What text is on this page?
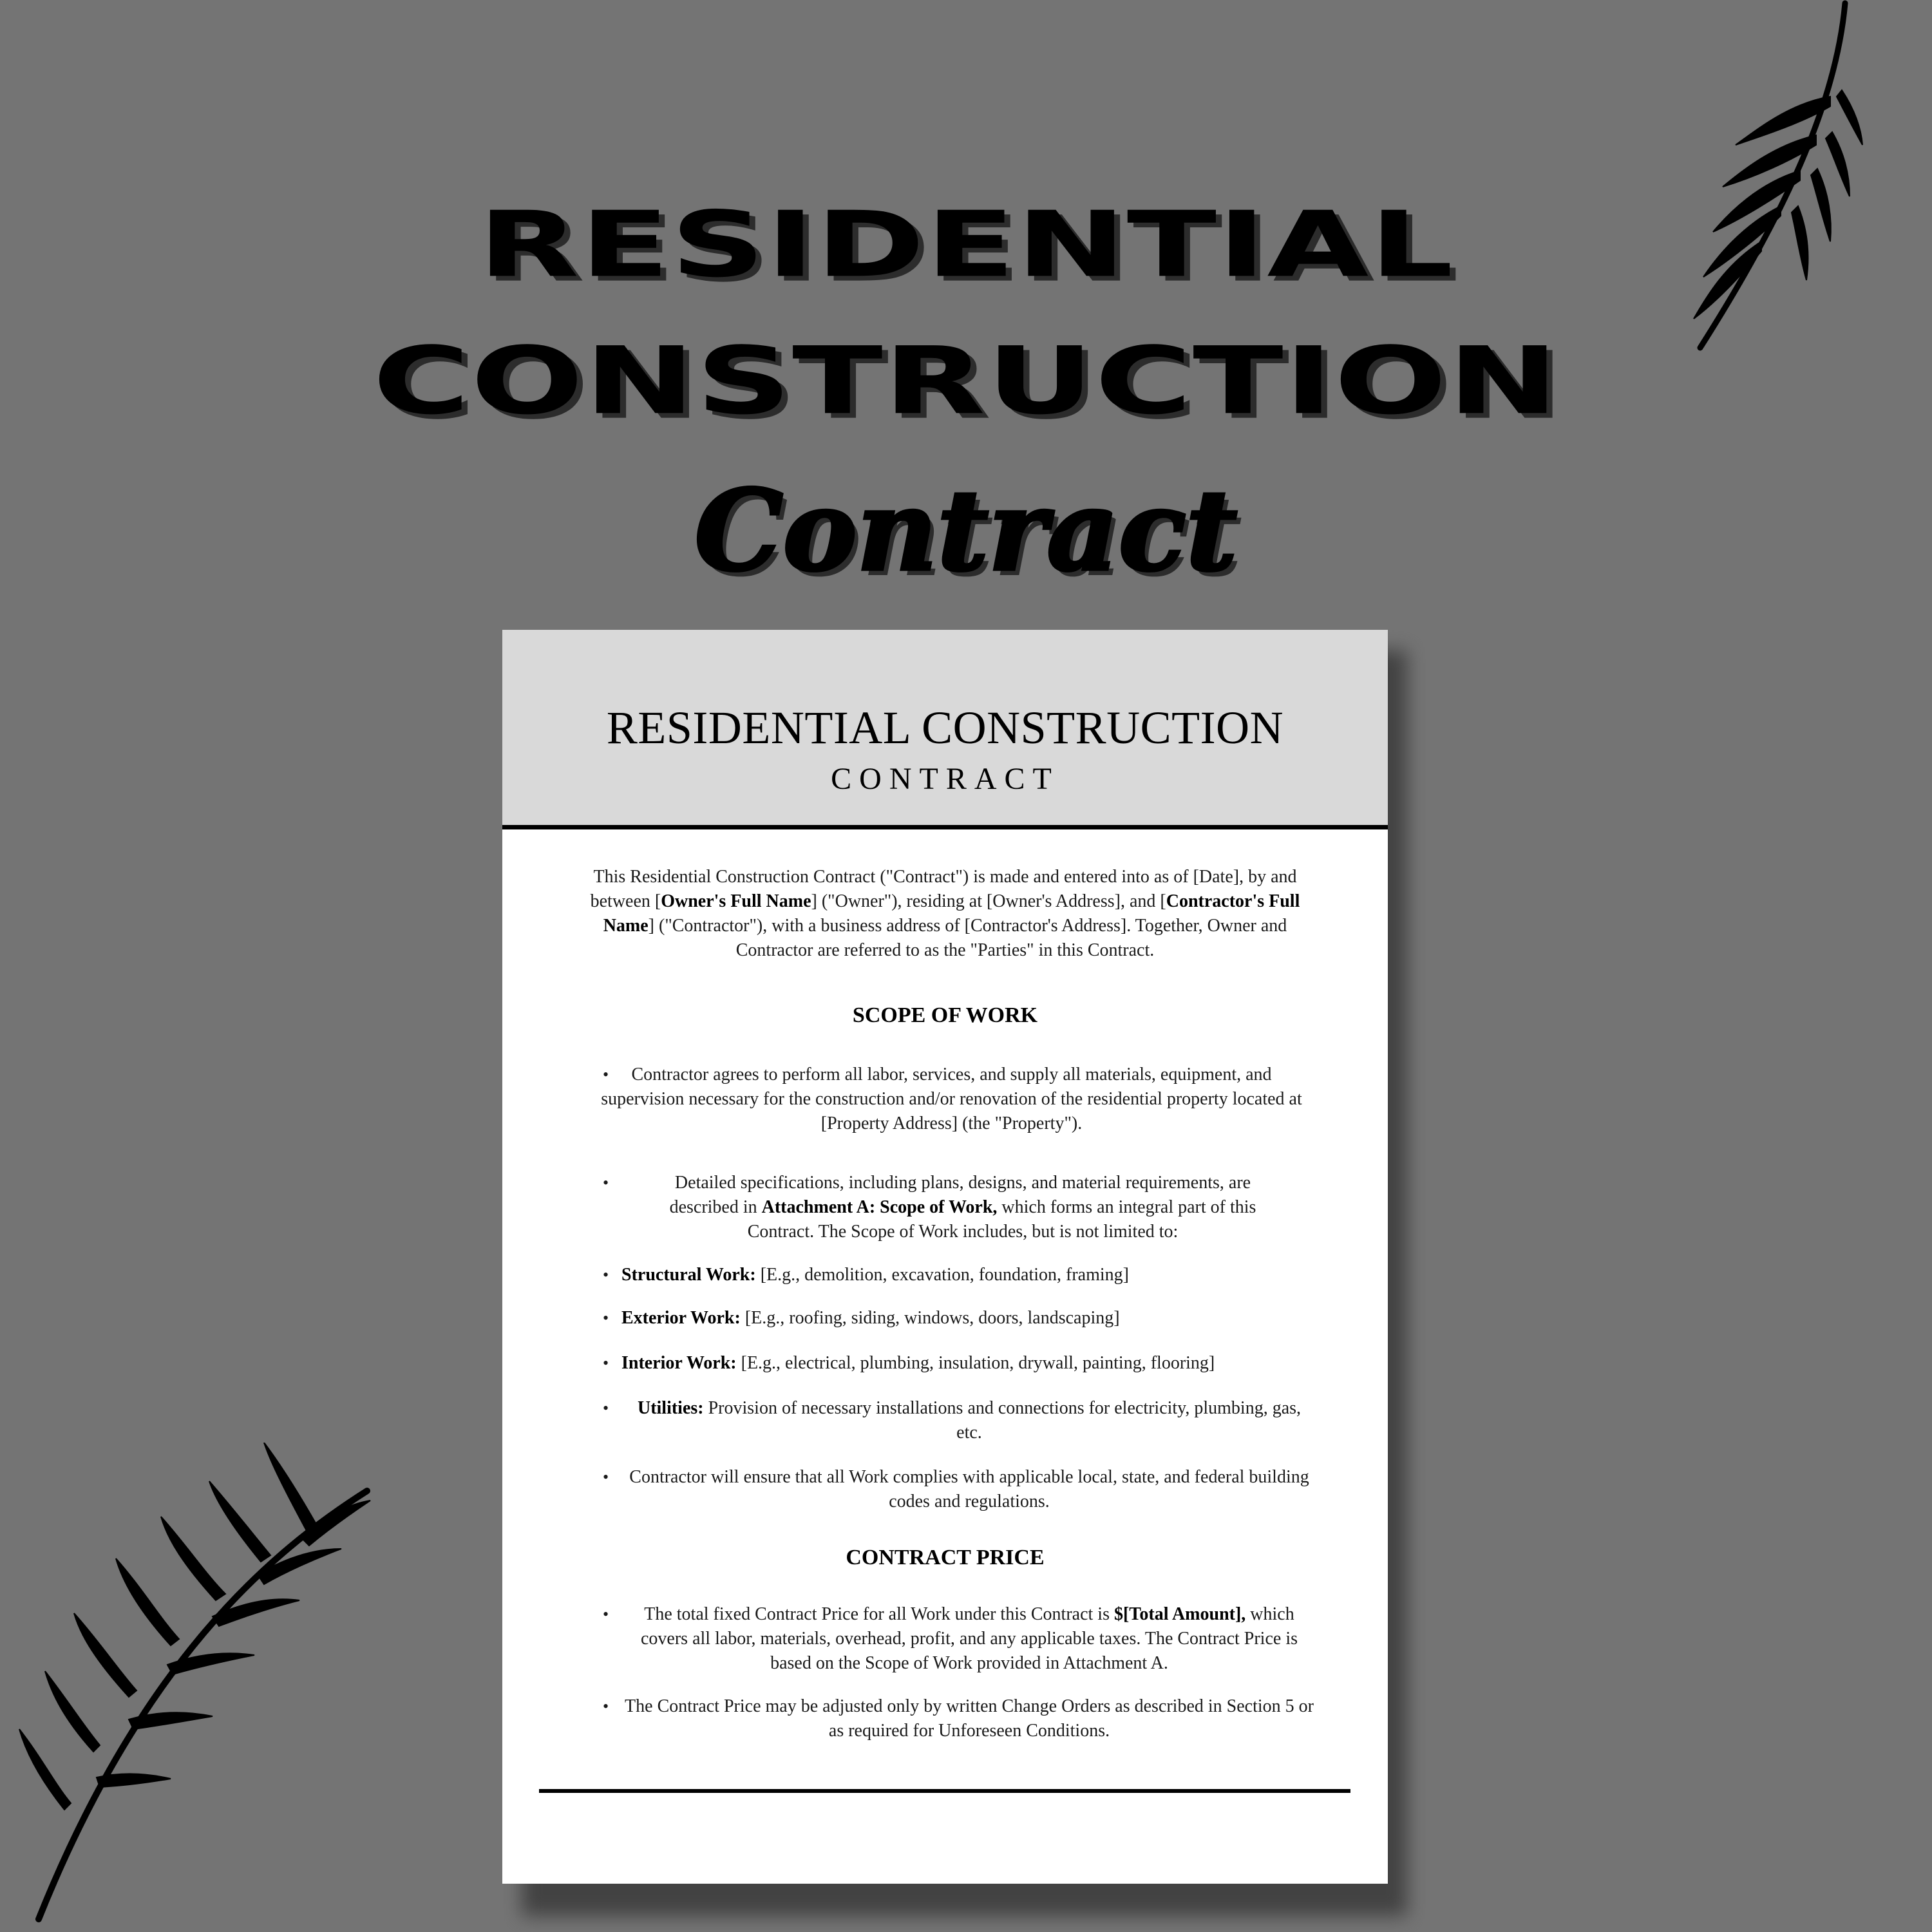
RESIDENTIAL
CONSTRUCTION
Contract
RESIDENTIAL CONSTRUCTION
CONTRACT
This Residential Construction Contract ("Contract") is made and entered into as of [Date], by and between [Owner's Full Name] ("Owner"), residing at [Owner's Address], and [Contractor's Full Name] ("Contractor"), with a business address of [Contractor's Address]. Together, Owner and Contractor are referred to as the "Parties" in this Contract.
SCOPE OF WORK
•	Contractor agrees to perform all labor, services, and supply all materials, equipment, and supervision necessary for the construction and/or renovation of the residential property located at [Property Address] (the "Property").
•	Detailed specifications, including plans, designs, and material requirements, are described in Attachment A: Scope of Work, which forms an integral part of this Contract. The Scope of Work includes, but is not limited to:
• Structural Work: [E.g., demolition, excavation, foundation, framing]
• Exterior Work: [E.g., roofing, siding, windows, doors, landscaping]
• Interior Work: [E.g., electrical, plumbing, insulation, drywall, painting, flooring]
•	Utilities: Provision of necessary installations and connections for electricity, plumbing, gas, etc.
• Contractor will ensure that all Work complies with applicable local, state, and federal building codes and regulations.
CONTRACT PRICE
•	The total fixed Contract Price for all Work under this Contract is $[Total Amount], which covers all labor, materials, overhead, profit, and any applicable taxes. The Contract Price is based on the Scope of Work provided in Attachment A.
• The Contract Price may be adjusted only by written Change Orders as described in Section 5 or as required for Unforeseen Conditions.
